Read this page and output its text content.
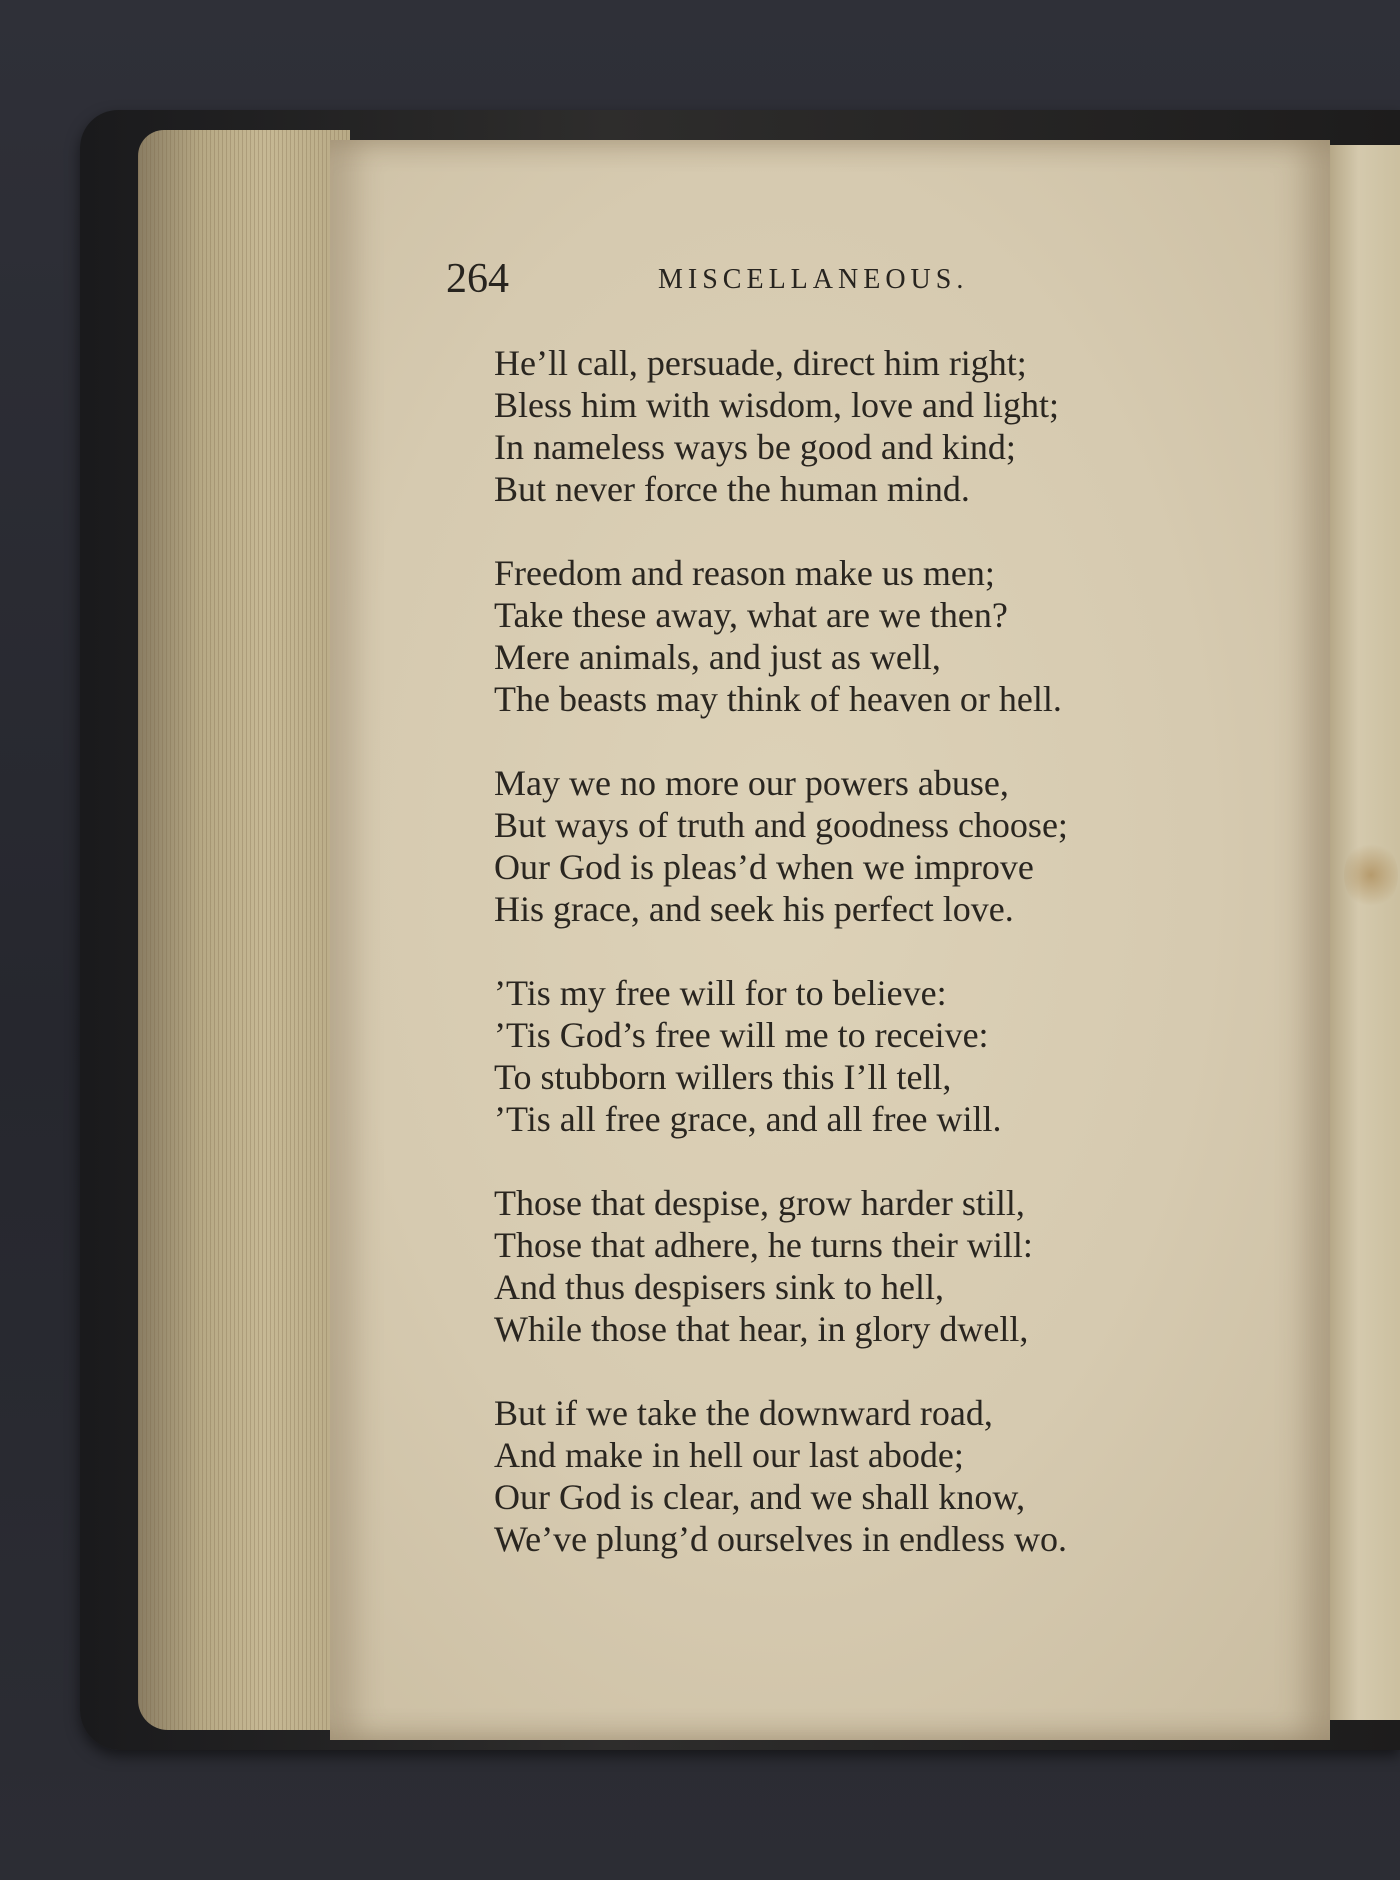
264	MISCELLANEOUS.
He’ll call, persuade, direct him right;
Bless him with wisdom, love and light;
In nameless ways be good and kind;
But never force the human mind.
Freedom and reason make us men;
Take these away, what are we then?
Mere animals, and just as well,
The beasts may think of heaven or hell.
May we no more our powers abuse,
But ways of truth and goodness choose;
Our God is pleas’d when we improve
His grace, and seek his perfect love.
’Tis my free will for to believe:
’Tis God’s free will me to receive:
To stubborn willers this I’ll tell,
’Tis all free grace, and all free will.
Those that despise, grow harder still,
Those that adhere, he turns their will:
And thus despisers sink to hell,
While those that hear, in glory dwell,
But if we take the downward road,
And make in hell our last abode;
Our God is clear, and we shall know,
We’ve plung’d ourselves in endless wo.
